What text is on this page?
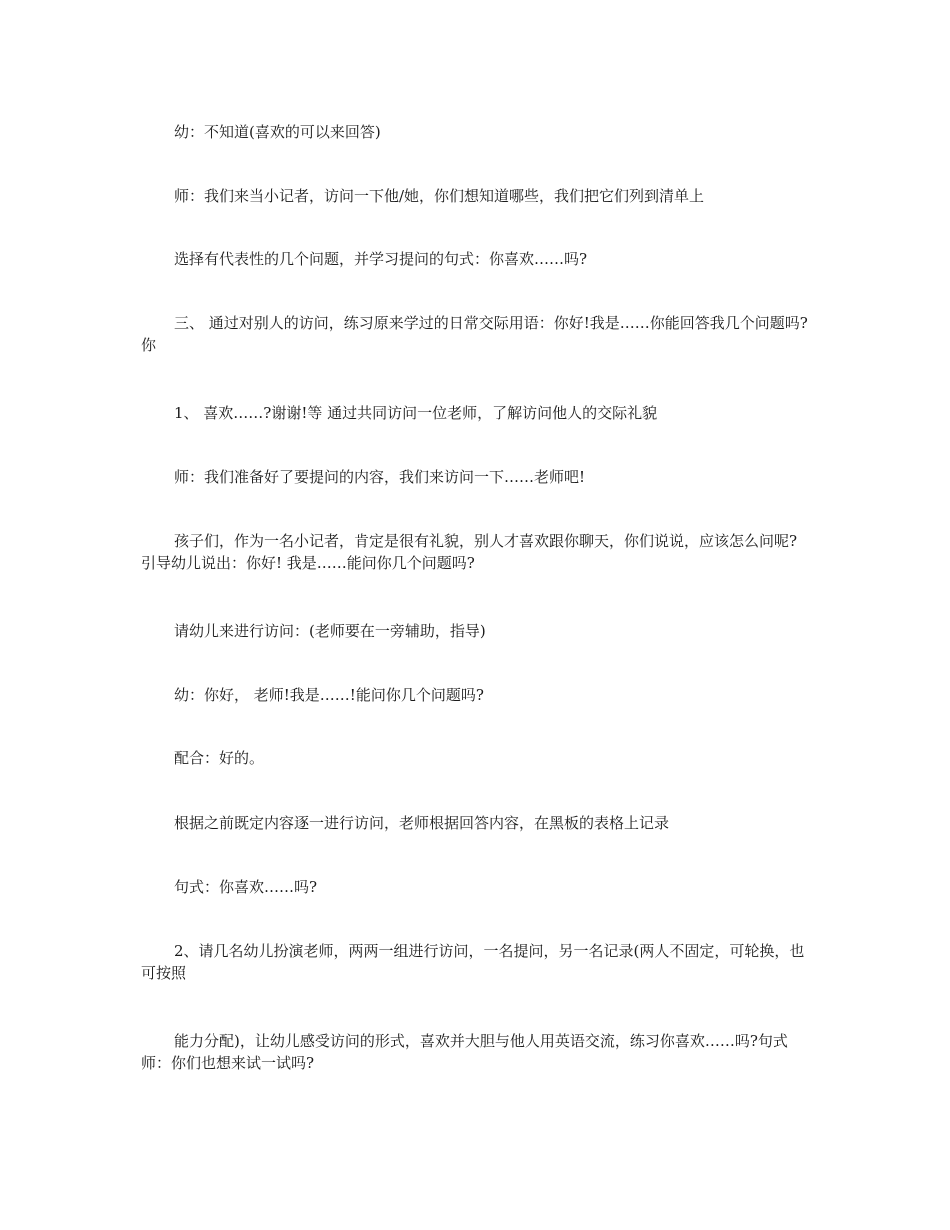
幼：不知道(喜欢的可以来回答)

师：我们来当小记者，访问一下他/她，你们想知道哪些，我们把它们列到清单上

选择有代表性的几个问题，并学习提问的句式：你喜欢……吗?

三、 通过对别人的访问，练习原来学过的日常交际用语：你好!我是……你能回答我几个问题吗?你

1、 喜欢……?谢谢!等 通过共同访问一位老师，了解访问他人的交际礼貌

师：我们准备好了要提问的内容，我们来访问一下……老师吧!

孩子们，作为一名小记者，肯定是很有礼貌，别人才喜欢跟你聊天，你们说说，应该怎么问呢? 引导幼儿说出：你好! 我是……能问你几个问题吗?

请幼儿来进行访问：(老师要在一旁辅助，指导)

幼：你好， 老师!我是……!能问你几个问题吗?

配合：好的。

根据之前既定内容逐一进行访问，老师根据回答内容，在黑板的表格上记录

句式：你喜欢……吗?

2、请几名幼儿扮演老师，两两一组进行访问，一名提问，另一名记录(两人不固定，可轮换，也可按照

能力分配)，让幼儿感受访问的形式，喜欢并大胆与他人用英语交流，练习你喜欢……吗?句式 师：你们也想来试一试吗?
